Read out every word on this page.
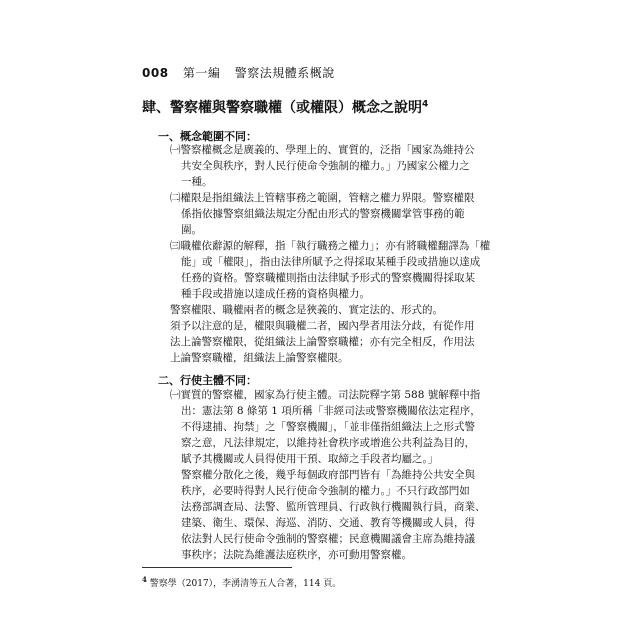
008 第一編 警察法規體系概說
肆、警察權與警察職權（或權限）概念之說明$^4$
一、概念範圍不同：
㈠警察權概念是廣義的、學理上的、實質的，泛指「國家為維持公
共安全與秩序，對人民行使命令強制的權力。」乃國家公權力之
一種。
㈡權限是指組織法上管轄事務之範圍，管轄之權力界限。警察權限
係指依據警察組織法規定分配由形式的警察機關掌管事務的範
圍。
㈢職權依辭源的解釋，指「執行職務之權力」；亦有將職權翻譯為「權
能」或「權限」，指由法律所賦予之得採取某種手段或措施以達成
任務的資格。警察職權則指由法律賦予形式的警察機關得採取某
種手段或措施以達成任務的資格與權力。
警察權限、職權兩者的概念是狹義的、實定法的、形式的。
須予以注意的是，權限與職權二者，國內學者用法分歧，有從作用
法上論警察權限，從組織法上論警察職權；亦有完全相反，作用法
上論警察職權，組織法上論警察權限。
二、行使主體不同：
㈠實質的警察權，國家為行使主體。司法院釋字第 588 號解釋中指
出：憲法第 8 條第 1 項所稱「非經司法或警察機關依法定程序，
不得逮捕、拘禁」之「警察機關」，「並非僅指組織法上之形式警
察之意，凡法律規定，以維持社會秩序或增進公共利益為目的，
賦予其機關或人員得使用干預、取締之手段者均屬之。」
警察權分散化之後，幾乎每個政府部門皆有「為維持公共安全與
秩序，必要時得對人民行使命令強制的權力。」不只行政部門如
法務部調查局、法警、監所管理員、行政執行機關執行員，商業、
建築、衛生、環保、海巡、消防、交通、教育等機關或人員，得
依法對人民行使命令強制的警察權；民意機關議會主席為維持議
事秩序；法院為維護法庭秩序，亦可動用警察權。
$^4$ 警察學（2017），李湧清等五人合著，114 頁。
